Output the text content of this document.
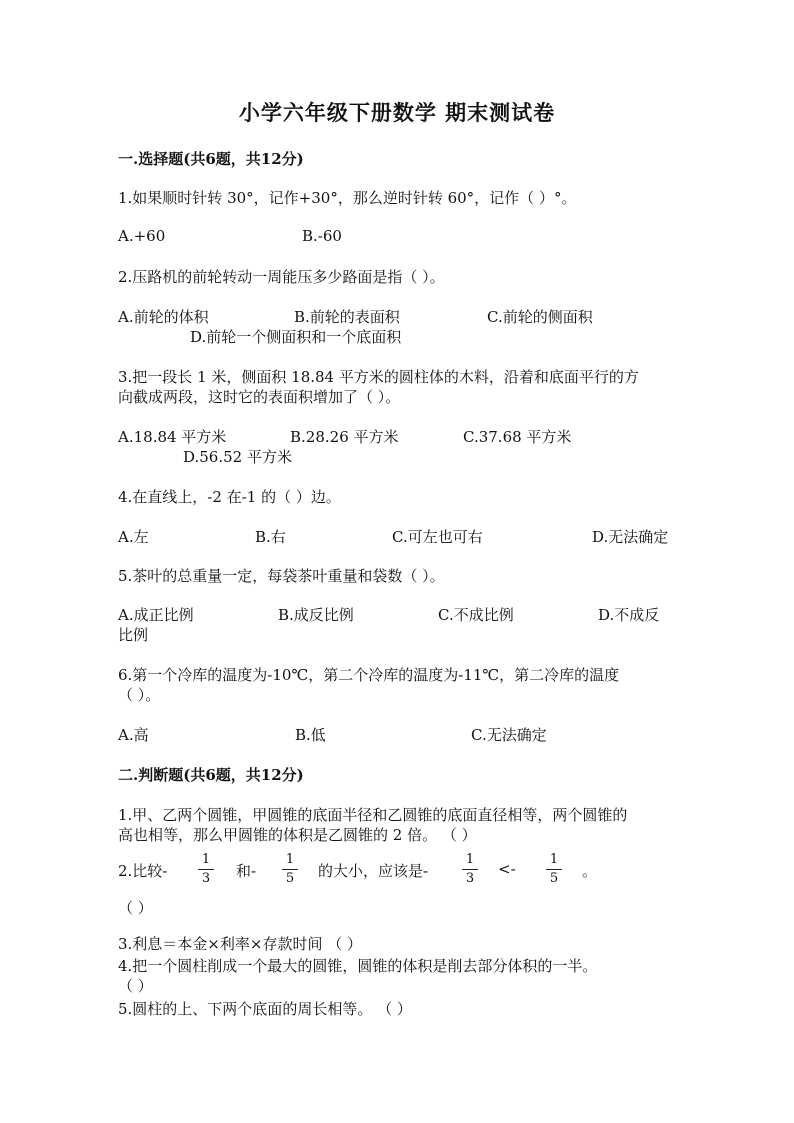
小学六年级下册数学 期末测试卷
一.选择题(共6题，共12分)
1.如果顺时针转 30°，记作+30°，那么逆时针转 60°，记作（ ）°。
A.+60	B.-60
2.压路机的前轮转动一周能压多少路面是指（ ）。
A.前轮的体积	B.前轮的表面积	C.前轮的侧面积
D.前轮一个侧面积和一个底面积
3.把一段长 1 米，侧面积 18.84 平方米的圆柱体的木料，沿着和底面平行的方
向截成两段，这时它的表面积增加了（ ）。
A.18.84 平方米	B.28.26 平方米	C.37.68 平方米
D.56.52 平方米
4.在直线上，-2 在-1 的（ ）边。
A.左	B.右	C.可左也可右	D.无法确定
5.茶叶的总重量一定，每袋茶叶重量和袋数（ ）。
A.成正比例	B.成反比例	C.不成比例	D.不成反
比例
6.第一个冷库的温度为-10℃，第二个冷库的温度为-11℃，第二冷库的温度
（ ）。
A.高	B.低	C.无法确定
二.判断题(共6题，共12分)
1.甲、乙两个圆锥，甲圆锥的底面半径和乙圆锥的底面直径相等，两个圆锥的
高也相等，那么甲圆锥的体积是乙圆锥的 2 倍。 （ ）
2.比较-
1
3 和-
1
5 的大小，应该是-
1
3
<-
1
5 。
（ ）
3.利息＝本金×利率×存款时间 （ ）
4.把一个圆柱削成一个最大的圆锥，圆锥的体积是削去部分体积的一半。
（ ）
5.圆柱的上、下两个底面的周长相等。 （ ）
